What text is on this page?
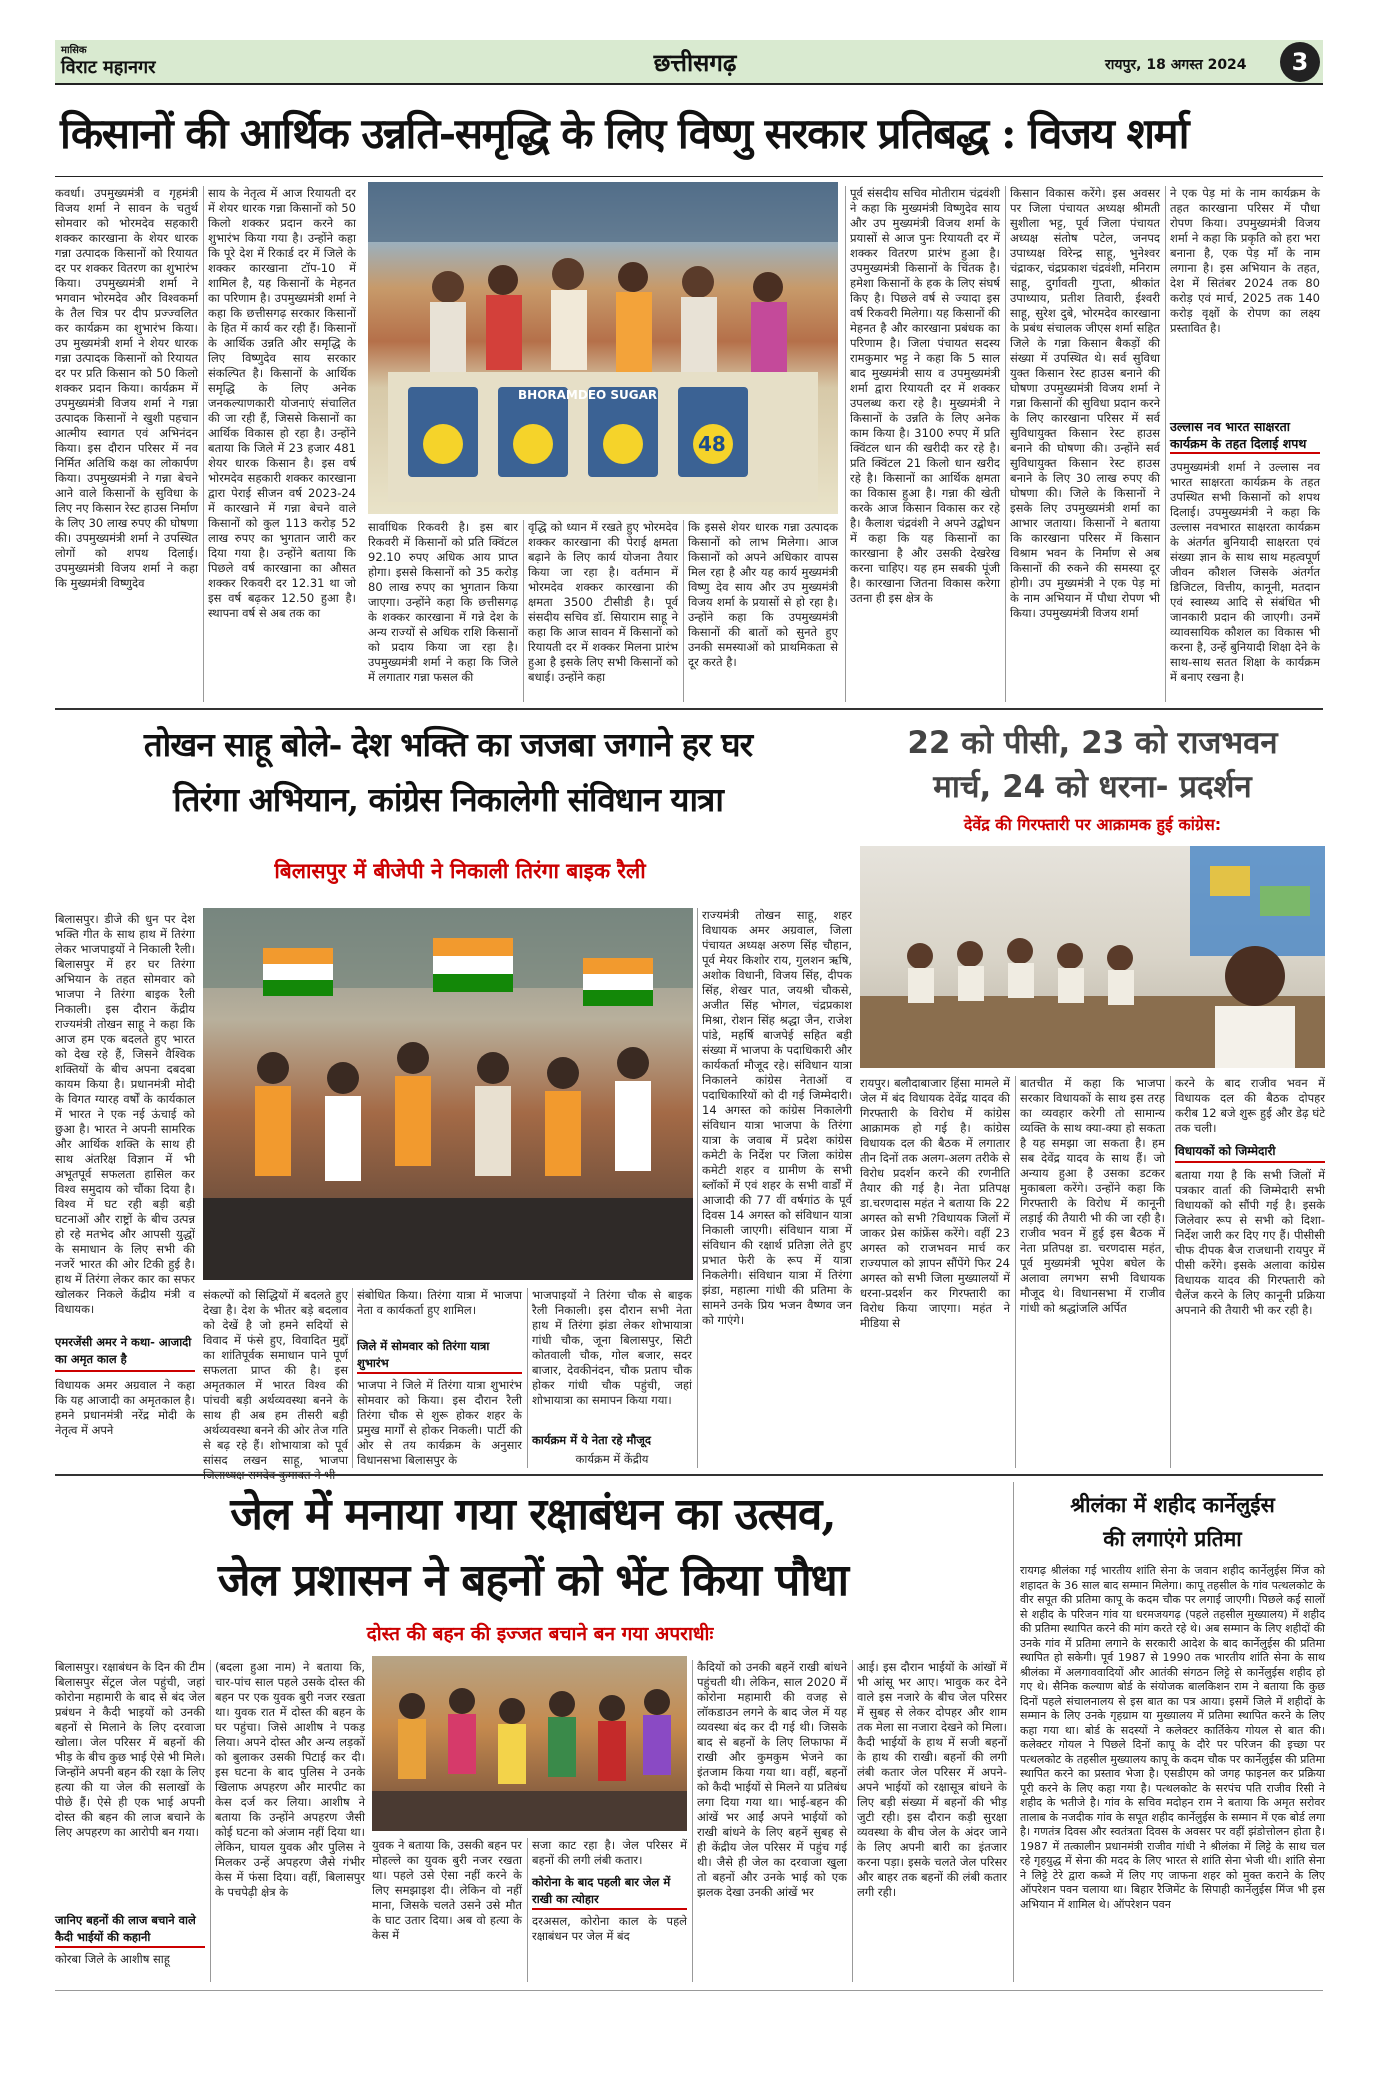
मासिक
विराट महानगर	छत्तीसगढ़	रायपुर, 18 अगस्त 2024	3
किसानों की आर्थिक उन्नति-समृद्धि के लिए विष्णु सरकार प्रतिबद्ध : विजय शर्मा
कवर्धा। उपमुख्यमंत्री व गृहमंत्री विजय शर्मा ने सावन के चतुर्थ सोमवार को भोरमदेव सहकारी शक्कर कारखाना के शेयर धारक गन्ना उत्पादक किसानों को रियायत दर पर शक्कर वितरण का शुभारंभ किया। उपमुख्यमंत्री शर्मा ने भगवान भोरमदेव और विश्वकर्मा के तैल चित्र पर दीप प्रज्ज्वलित कर कार्यक्रम का शुभारंभ किया। उप मुख्यमंत्री शर्मा ने शेयर धारक गन्ना उत्पादक किसानों को रियायत दर पर प्रति किसान को 50 किलो शक्कर प्रदान किया। कार्यक्रम में उपमुख्यमंत्री विजय शर्मा ने गन्ना उत्पादक किसानों ने खुशी पहचान आत्मीय स्वागत एवं अभिनंदन किया। इस दौरान परिसर में नव निर्मित अतिथि कक्ष का लोकार्पण किया। उपमुख्यमंत्री ने गन्ना बेचने आने वाले किसानों के सुविधा के लिए नए किसान रेस्ट हाउस निर्माण के लिए 30 लाख रुपए की घोषणा की। उपमुख्यमंत्री शर्मा ने उपस्थित लोगों को शपथ दिलाई। उपमुख्यमंत्री विजय शर्मा ने कहा कि मुख्यमंत्री विष्णुदेव
साय के नेतृत्व में आज रियायती दर में शेयर धारक गन्ना किसानों को 50 किलो शक्कर प्रदान करने का शुभारंभ किया गया है। उन्होंने कहा कि पूरे देश में रिकार्ड दर में जिले के शक्कर कारखाना टॉप-10 में शामिल है, यह किसानों के मेहनत का परिणाम है। उपमुख्यमंत्री शर्मा ने कहा कि छत्तीसगढ़ सरकार किसानों के हित में कार्य कर रही हैं। किसानों के आर्थिक उन्नति और समृद्धि के लिए विष्णुदेव साय सरकार संकल्पित है। किसानों के आर्थिक समृद्धि के लिए अनेक जनकल्याणकारी योजनाएं संचालित की जा रही हैं, जिससे किसानों का आर्थिक विकास हो रहा है। उन्होंने बताया कि जिले में 23 हजार 481 शेयर धारक किसान है। इस वर्ष भोरमदेव सहकारी शक्कर कारखाना द्वारा पेराई सीजन वर्ष 2023-24 में कारखाने में गन्ना बेचने वाले किसानों को कुल 113 करोड़ 52 लाख रुपए का भुगतान जारी कर दिया गया है। उन्होंने बताया कि पिछले वर्ष कारखाना का औसत शक्कर रिकवरी दर 12.31 था जो इस वर्ष बढ़कर 12.50 हुआ है। स्थापना वर्ष से अब तक का
BHORAMDEO SUGAR
48
सार्वाधिक रिकवरी है। इस बार रिकवरी में किसानों को प्रति क्विंटल 92.10 रुपए अधिक आय प्राप्त होगा। इससे किसानों को 35 करोड़ 80 लाख रुपए का भुगतान किया जाएगा। उन्होंने कहा कि छत्तीसगढ़ के शक्कर कारखाना में गन्ने देश के अन्य राज्यों से अधिक राशि किसानों को प्रदाय किया जा रहा है। उपमुख्यमंत्री शर्मा ने कहा कि जिले में लगातार गन्ना फसल की
वृद्धि को ध्यान में रखते हुए भोरमदेव शक्कर कारखाना की पेराई क्षमता बढ़ाने के लिए कार्य योजना तैयार किया जा रहा है। वर्तमान में भोरमदेव शक्कर कारखाना की क्षमता 3500 टीसीडी है। पूर्व संसदीय सचिव डॉ. सियाराम साहू ने कहा कि आज सावन में किसानों को रियायती दर में शक्कर मिलना प्रारंभ हुआ है इसके लिए सभी किसानों को बधाई। उन्होंने कहा
कि इससे शेयर धारक गन्ना उत्पादक किसानों को लाभ मिलेगा। आज किसानों को अपने अधिकार वापस मिल रहा है और यह कार्य मुख्यमंत्री विष्णु देव साय और उप मुख्यमंत्री विजय शर्मा के प्रयासों से हो रहा है। उन्होंने कहा कि उपमुख्यमंत्री किसानों की बातों को सुनते हुए उनकी समस्याओं को प्राथमिकता से दूर करते है।
पूर्व संसदीय सचिव मोतीराम चंद्रवंशी ने कहा कि मुख्यमंत्री विष्णुदेव साय और उप मुख्यमंत्री विजय शर्मा के प्रयासों से आज पुनः रियायती दर में शक्कर वितरण प्रारंभ हुआ है। उपमुख्यमंत्री किसानों के चिंतक है। हमेशा किसानों के हक के लिए संघर्ष किए है। पिछले वर्ष से ज्यादा इस वर्ष रिकवरी मिलेगा। यह किसानों की मेहनत है और कारखाना प्रबंधक का परिणाम है। जिला पंचायत सदस्य रामकुमार भट्ट ने कहा कि 5 साल बाद मुख्यमंत्री साय व उपमुख्यमंत्री शर्मा द्वारा रियायती दर में शक्कर उपलब्ध करा रहे है। मुख्यमंत्री ने किसानों के उन्नति के लिए अनेक काम किया है। 3100 रुपए में प्रति क्विंटल धान की खरीदी कर रहे है। प्रति क्विंटल 21 किलो धान खरीद रहे है। किसानों का आर्थिक क्षमता का विकास हुआ है। गन्ना की खेती करके आज किसान विकास कर रहे है। कैलाश चंद्रवंशी ने अपने उद्बोधन में कहा कि यह किसानों का कारखाना है और उसकी देखरेख करना चाहिए। यह हम सबकी पूंजी है। कारखाना जितना विकास करेगा उतना ही इस क्षेत्र के
किसान विकास करेंगे। इस अवसर पर जिला पंचायत अध्यक्ष श्रीमती सुशीला भट्ट, पूर्व जिला पंचायत अध्यक्ष संतोष पटेल, जनपद उपाध्यक्ष विरेन्द्र साहू, भुनेश्वर चंद्राकर, चंद्रप्रकाश चंद्रवंशी, मनिराम साहू, दुर्गावती गुप्ता, श्रीकांत उपाध्याय, प्रतीश तिवारी, ईश्वरी साहू, सुरेश दुबे, भोरमदेव कारखाना के प्रबंध संचालक जीएस शर्मा सहित जिले के गन्ना किसान बैकड़ों की संख्या में उपस्थित थे। सर्व सुविधा युक्त किसान रेस्ट हाउस बनाने की घोषणा उपमुख्यमंत्री विजय शर्मा ने गन्ना किसानों की सुविधा प्रदान करने के लिए कारखाना परिसर में सर्व सुविधायुक्त किसान रेस्ट हाउस बनाने की घोषणा की। उन्होंने सर्व सुविधायुक्त किसान रेस्ट हाउस बनाने के लिए 30 लाख रुपए की घोषणा की। जिले के किसानों ने इसके लिए उपमुख्यमंत्री शर्मा का आभार जताया। किसानों ने बताया कि कारखाना परिसर में किसान विश्राम भवन के निर्माण से अब किसानों की रुकने की समस्या दूर होगी। उप मुख्यमंत्री ने एक पेड़ मां के नाम अभियान में पौधा रोपण भी किया। उपमुख्यमंत्री विजय शर्मा
ने एक पेड़ मां के नाम कार्यक्रम के तहत कारखाना परिसर में पौधा रोपण किया। उपमुख्यमंत्री विजय शर्मा ने कहा कि प्रकृति को हरा भरा बनाना है, एक पेड़ माँ के नाम लगाना है। इस अभियान के तहत, देश में सितंबर 2024 तक 80 करोड़ एवं मार्च, 2025 तक 140 करोड़ वृक्षों के रोपण का लक्ष्य प्रस्तावित है।
उल्लास नव भारत साक्षरता कार्यक्रम के तहत दिलाई शपथ
उपमुख्यमंत्री शर्मा ने उल्लास नव भारत साक्षरता कार्यक्रम के तहत उपस्थित सभी किसानों को शपथ दिलाई। उपमुख्यमंत्री ने कहा कि उल्लास नवभारत साक्षरता कार्यक्रम के अंतर्गत बुनियादी साक्षरता एवं संख्या ज्ञान के साथ साथ महत्वपूर्ण जीवन कौशल जिसके अंतर्गत डिजिटल, वित्तीय, कानूनी, मतदान एवं स्वास्थ्य आदि से संबंधित भी जानकारी प्रदान की जाएगी। उनमें व्यावसायिक कौशल का विकास भी करना है, उन्हें बुनियादी शिक्षा देने के साथ-साथ सतत शिक्षा के कार्यक्रम में बनाए रखना है।
तोखन साहू बोले- देश भक्ति का जजबा जगाने हर घर
तिरंगा अभियान, कांग्रेस निकालेगी संविधान यात्रा
बिलासपुर में बीजेपी ने निकाली तिरंगा बाइक रैली
बिलासपुर। डीजे की धुन पर देश भक्ति गीत के साथ हाथ में तिरंगा लेकर भाजपाइयों ने निकाली रैली। बिलासपुर में हर घर तिरंगा अभियान के तहत सोमवार को भाजपा ने तिरंगा बाइक रैली निकाली। इस दौरान केंद्रीय राज्यमंत्री तोखन साहू ने कहा कि आज हम एक बदलते हुए भारत को देख रहे हैं, जिसने वैश्विक शक्तियों के बीच अपना दबदबा कायम किया है। प्रधानमंत्री मोदी के विगत ग्यारह वर्षों के कार्यकाल में भारत ने एक नई ऊंचाई को छुआ है। भारत ने अपनी सामरिक और आर्थिक शक्ति के साथ ही साथ अंतरिक्ष विज्ञान में भी अभूतपूर्व सफलता हासिल कर विश्व समुदाय को चौंका दिया है। विश्व में घट रही बड़ी बड़ी घटनाओं और राष्ट्रों के बीच उत्पन्न हो रहे मतभेद और आपसी युद्धों के समाधान के लिए सभी की नजरें भारत की ओर टिकी हुई है। हाथ में तिरंगा लेकर कार का सफर खोलकर निकले केंद्रीय मंत्री व विधायक।
एमरजेंसी अमर ने कथा- आजादी का अमृत काल है
विधायक अमर अग्रवाल ने कहा कि यह आजादी का अमृतकाल है। हमने प्रधानमंत्री नरेंद्र मोदी के नेतृत्व में अपने
संकल्पों को सिद्धियों में बदलते हुए देखा है। देश के भीतर बड़े बदलाव को देखें है जो हमने सदियों से विवाद में फंसे हुए, विवादित मुद्दों का शांतिपूर्वक समाधान पाने पूर्ण सफलता प्राप्त की है। इस अमृतकाल में भारत विश्व की पांचवी बड़ी अर्थव्यवस्था बनने के साथ ही अब हम तीसरी बड़ी अर्थव्यवस्था बनने की ओर तेज गति से बढ़ रहे हैं। शोभायात्रा को पूर्व सांसद लखन साहू, भाजपा
संबोधित किया। तिरंगा यात्रा में भाजपा नेता व कार्यकर्ता हुए शामिल।
जिले में सोमवार को तिरंगा यात्रा शुभारंभ
भाजपा ने जिले में तिरंगा यात्रा शुभारंभ सोमवार को किया। इस दौरान रैली तिरंगा चौक से शुरू होकर शहर के प्रमुख मार्गों से होकर निकली। पार्टी की ओर से तय कार्यक्रम के अनुसार विधानसभा बिलासपुर के
भाजपाइयों ने तिरंगा चौक से बाइक रैली निकाली। इस दौरान सभी नेता हाथ में तिरंगा झंडा लेकर शोभायात्रा गांधी चौक, जूना बिलासपुर, सिटी कोतवाली चौक, गोल बजार, सदर बाजार, देवकीनंदन, चौक प्रताप चौक होकर गांधी चौक पहुंची, जहां शोभायात्रा का समापन किया गया।
कार्यक्रम में ये नेता रहे मौजूद
कार्यक्रम में केंद्रीय
राज्यमंत्री तोखन साहू, शहर विधायक अमर अग्रवाल, जिला पंचायत अध्यक्ष अरुण सिंह चौहान, पूर्व मेयर किशोर राय, गुलशन ऋषि, अशोक विधानी, विजय सिंह, दीपक सिंह, शेखर पात, जयश्री चौकसे, अजीत सिंह भोगल, चंद्रप्रकाश मिश्रा, रोशन सिंह श्रद्धा जैन, राजेश पांडे, महर्षि बाजपेई सहित बड़ी संख्या में भाजपा के पदाधिकारी और कार्यकर्ता मौजूद रहे। संविधान यात्रा निकालने कांग्रेस नेताओं व पदाधिकारियों को दी गई जिम्मेदारी। 14 अगस्त को कांग्रेस निकालेगी संविधान यात्रा भाजपा के तिरंगा यात्रा के जवाब में प्रदेश कांग्रेस कमेटी के निर्देश पर जिला कांग्रेस कमेटी शहर व ग्रामीण के सभी ब्लॉकों में एवं शहर के सभी वार्डों में आजादी की 77 वीं वर्षगांठ के पूर्व दिवस 14 अगस्त को संविधान यात्रा निकाली जाएगी। संविधान यात्रा में संविधान की रक्षार्थ प्रतिज्ञा लेते हुए प्रभात फेरी के रूप में यात्रा निकलेगी। संविधान यात्रा में तिरंगा झंडा, महात्मा गांधी की प्रतिमा के सामने उनके प्रिय भजन वैष्णव जन को गाएंगे।
22 को पीसी, 23 को राजभवन
मार्च, 24 को धरना- प्रदर्शन
देवेंद्र की गिरफ्तारी पर आक्रामक हुई कांग्रेस:
रायपुर। बलौदाबाजार हिंसा मामले में जेल में बंद विधायक देवेंद्र यादव की गिरफ्तारी के विरोध में कांग्रेस आक्रामक हो गई है। कांग्रेस विधायक दल की बैठक में लगातार तीन दिनों तक अलग-अलग तरीके से विरोध प्रदर्शन करने की रणनीति तैयार की गई है। नेता प्रतिपक्ष डा.चरणदास महंत ने बताया कि 22 अगस्त को सभी ?विधायक जिलों में जाकर प्रेस कांफ्रेंस करेंगे। वहीं 23 अगस्त को राजभवन मार्च कर राज्यपाल को ज्ञापन सौंपेंगे फिर 24 अगस्त को सभी जिला मुख्यालयों में धरना-प्रदर्शन कर गिरफ्तारी का विरोध किया जाएगा। महंत ने मीडिया से
बातचीत में कहा कि भाजपा सरकार विधायकों के साथ इस तरह का व्यवहार करेगी तो सामान्य व्यक्ति के साथ क्या-क्या हो सकता है यह समझा जा सकता है। हम सब देवेंद्र यादव के साथ हैं। जो अन्याय हुआ है उसका डटकर मुकाबला करेंगे। उन्होंने कहा कि गिरफ्तारी के विरोध में कानूनी लड़ाई की तैयारी भी की जा रही है। राजीव भवन में हुई इस बैठक में नेता प्रतिपक्ष डा. चरणदास महंत, पूर्व मुख्यमंत्री भूपेश बघेल के अलावा लगभग सभी विधायक मौजूद थे। विधानसभा में राजीव गांधी को श्रद्धांजलि अर्पित
करने के बाद राजीव भवन में विधायक दल की बैठक दोपहर करीब 12 बजे शुरू हुई और डेढ़ घंटे तक चली।
विधायकों को जिम्मेदारी
बताया गया है कि सभी जिलों में पत्रकार वार्ता की जिम्मेदारी सभी विधायकों को सौंपी गई है। इसके जिलेवार रूप से सभी को दिशा-निर्देश जारी कर दिए गए हैं। पीसीसी चीफ दीपक बैज राजधानी रायपुर में पीसी करेंगे। इसके अलावा कांग्रेस विधायक यादव की गिरफ्तारी को चैलेंज करने के लिए कानूनी प्रक्रिया अपनाने की तैयारी भी कर रही है।
जेल में मनाया गया रक्षाबंधन का उत्सव,
जेल प्रशासन ने बहनों को भेंट किया पौधा
दोस्त की बहन की इज्जत बचाने बन गया अपराधीः
बिलासपुर। रक्षाबंधन के दिन की टीम बिलासपुर सेंट्रल जेल पहुंची, जहां कोरोना महामारी के बाद से बंद जेल प्रबंधन ने कैदी भाइयों को उनकी बहनों से मिलाने के लिए दरवाजा खोला। जेल परिसर में बहनों की भीड़ के बीच कुछ भाई ऐसे भी मिले। जिन्होंने अपनी बहन की रक्षा के लिए हत्या की या जेल की सलाखों के पीछे हैं। ऐसे ही एक भाई अपनी दोस्त की बहन की लाज बचाने के लिए अपहरण का आरोपी बन गया।
जानिए बहनों की लाज बचाने वाले कैदी भाईयों की कहानी
कोरबा जिले के आशीष साहू
(बदला हुआ नाम) ने बताया कि, चार-पांच साल पहले उसके दोस्त की बहन पर एक युवक बुरी नजर रखता था। युवक रात में दोस्त की बहन के घर पहुंचा। जिसे आशीष ने पकड़ लिया। अपने दोस्त और अन्य लड़कों को बुलाकर उसकी पिटाई कर दी। इस घटना के बाद पुलिस ने उनके खिलाफ अपहरण और मारपीट का केस दर्ज कर लिया। आशीष ने बताया कि उन्होंने अपहरण जैसी कोई घटना को अंजाम नहीं दिया था। लेकिन, घायल युवक और पुलिस ने मिलकर उन्हें अपहरण जैसे गंभीर केस में फंसा दिया। वहीं, बिलासपुर के पचपेढ़ी क्षेत्र के
युवक ने बताया कि, उसकी बहन पर मोहल्ले का युवक बुरी नजर रखता था। पहले उसे ऐसा नहीं करने के लिए समझाइश दी। लेकिन वो नहीं माना, जिसके चलते उसने उसे मौत के घाट उतार दिया। अब वो हत्या के केस में
सजा काट रहा है। जेल परिसर में बहनों की लगी लंबी कतार।
कोरोना के बाद पहली बार जेल में राखी का त्योहार
दरअसल, कोरोना काल के पहले रक्षाबंधन पर जेल में बंद
कैदियों को उनकी बहनें राखी बांधने पहुंचती थी। लेकिन, साल 2020 में कोरोना महामारी की वजह से लॉकडाउन लगने के बाद जेल में यह व्यवस्था बंद कर दी गई थी। जिसके बाद से बहनों के लिए लिफाफा में राखी और कुमकुम भेजने का इंतजाम किया गया था। वहीं, बहनों को कैदी भाईयों से मिलने या प्रतिबंध लगा दिया गया था। भाई-बहन की आंखें भर आईं अपने भाईयों को राखी बांधने के लिए बहनें सुबह से ही केंद्रीय जेल परिसर में पहुंच गई थी। जैसे ही जेल का दरवाजा खुला तो बहनों और उनके भाई को एक झलक देखा उनकी आंखें भर
आई। इस दौरान भाईयों के आंखों में भी आंसू भर आए। भावुक कर देने वाले इस नजारे के बीच जेल परिसर में सुबह से लेकर दोपहर और शाम तक मेला सा नजारा देखने को मिला। कैदी भाईयों के हाथ में सजी बहनों के हाथ की राखी। बहनों की लगी लंबी कतार जेल परिसर में अपने-अपने भाईयों को रक्षासूत्र बांधने के लिए बड़ी संख्या में बहनों की भीड़ जुटी रही। इस दौरान कड़ी सुरक्षा व्यवस्था के बीच जेल के अंदर जाने के लिए अपनी बारी का इंतजार करना पड़ा। इसके चलते जेल परिसर और बाहर तक बहनों की लंबी कतार लगी रही।
श्रीलंका में शहीद कार्नेलुईस
की लगाएंगे प्रतिमा
रायगढ़ श्रीलंका गई भारतीय शांति सेना के जवान शहीद कार्नेलुईस मिंज को शहादत के 36 साल बाद सम्मान मिलेगा। कापू तहसील के गांव पत्थलकोट के वीर सपूत की प्रतिमा कापू के कदम चौक पर लगाई जाएगी। पिछले कई सालों से शहीद के परिजन गांव या धरमजयगढ़ (पहले तहसील मुख्यालय) में शहीद की प्रतिमा स्थापित करने की मांग करते रहे थे। अब सम्मान के लिए शहीदों की उनके गांव में प्रतिमा लगाने के सरकारी आदेश के बाद कार्नेलुईस की प्रतिमा स्थापित हो सकेगी। पूर्व 1987 से 1990 तक भारतीय शांति सेना के साथ श्रीलंका में अलगाववादियों और आतंकी संगठन लिट्टे से कार्नेलुईस शहीद हो गए थे। सैनिक कल्याण बोर्ड के संयोजक बालकिशन राम ने बताया कि कुछ दिनों पहले संचालनालय से इस बात का पत्र आया। इसमें जिले में शहीदों के सम्मान के लिए उनके गृहग्राम या मुख्यालय में प्रतिमा स्थापित करने के लिए कहा गया था। बोर्ड के सदस्यों ने कलेक्टर कार्तिकेय गोयल से बात की। कलेक्टर गोयल ने पिछले दिनों कापू के दौरे पर परिजन की इच्छा पर पत्थलकोट के तहसील मुख्यालय कापू के कदम चौक पर कार्नेलुईस की प्रतिमा स्थापित करने का प्रस्ताव भेजा है। एसडीएम को जगह फाइनल कर प्रक्रिया पूरी करने के लिए कहा गया है। पत्थलकोट के सरपंच पति राजीव रिसी ने शहीद के भतीजे है। गांव के सचिव मदोहन राम ने बताया कि अमृत सरोवर तालाब के नजदीक गांव के सपूत शहीद कार्नेलुईस के सम्मान में एक बोर्ड लगा है। गणतंत्र दिवस और स्वतंत्रता दिवस के अवसर पर वहीं झंडोत्तोलन होता है। 1987 में तत्कालीन प्रधानमंत्री राजीव गांधी ने श्रीलंका में लिट्टे के साथ चल रहे गृहयुद्ध में सेना की मदद के लिए भारत से शांति सेना भेजी थी। शांति सेना ने लिट्टे टेरे द्वारा कब्जे में लिए गए जाफना शहर को मुक्त कराने के लिए ऑपरेशन पवन चलाया था। बिहार रैजिमेंट के सिपाही कार्नेलुईस मिंज भी इस अभियान में शामिल थे। ऑपरेशन पवन
